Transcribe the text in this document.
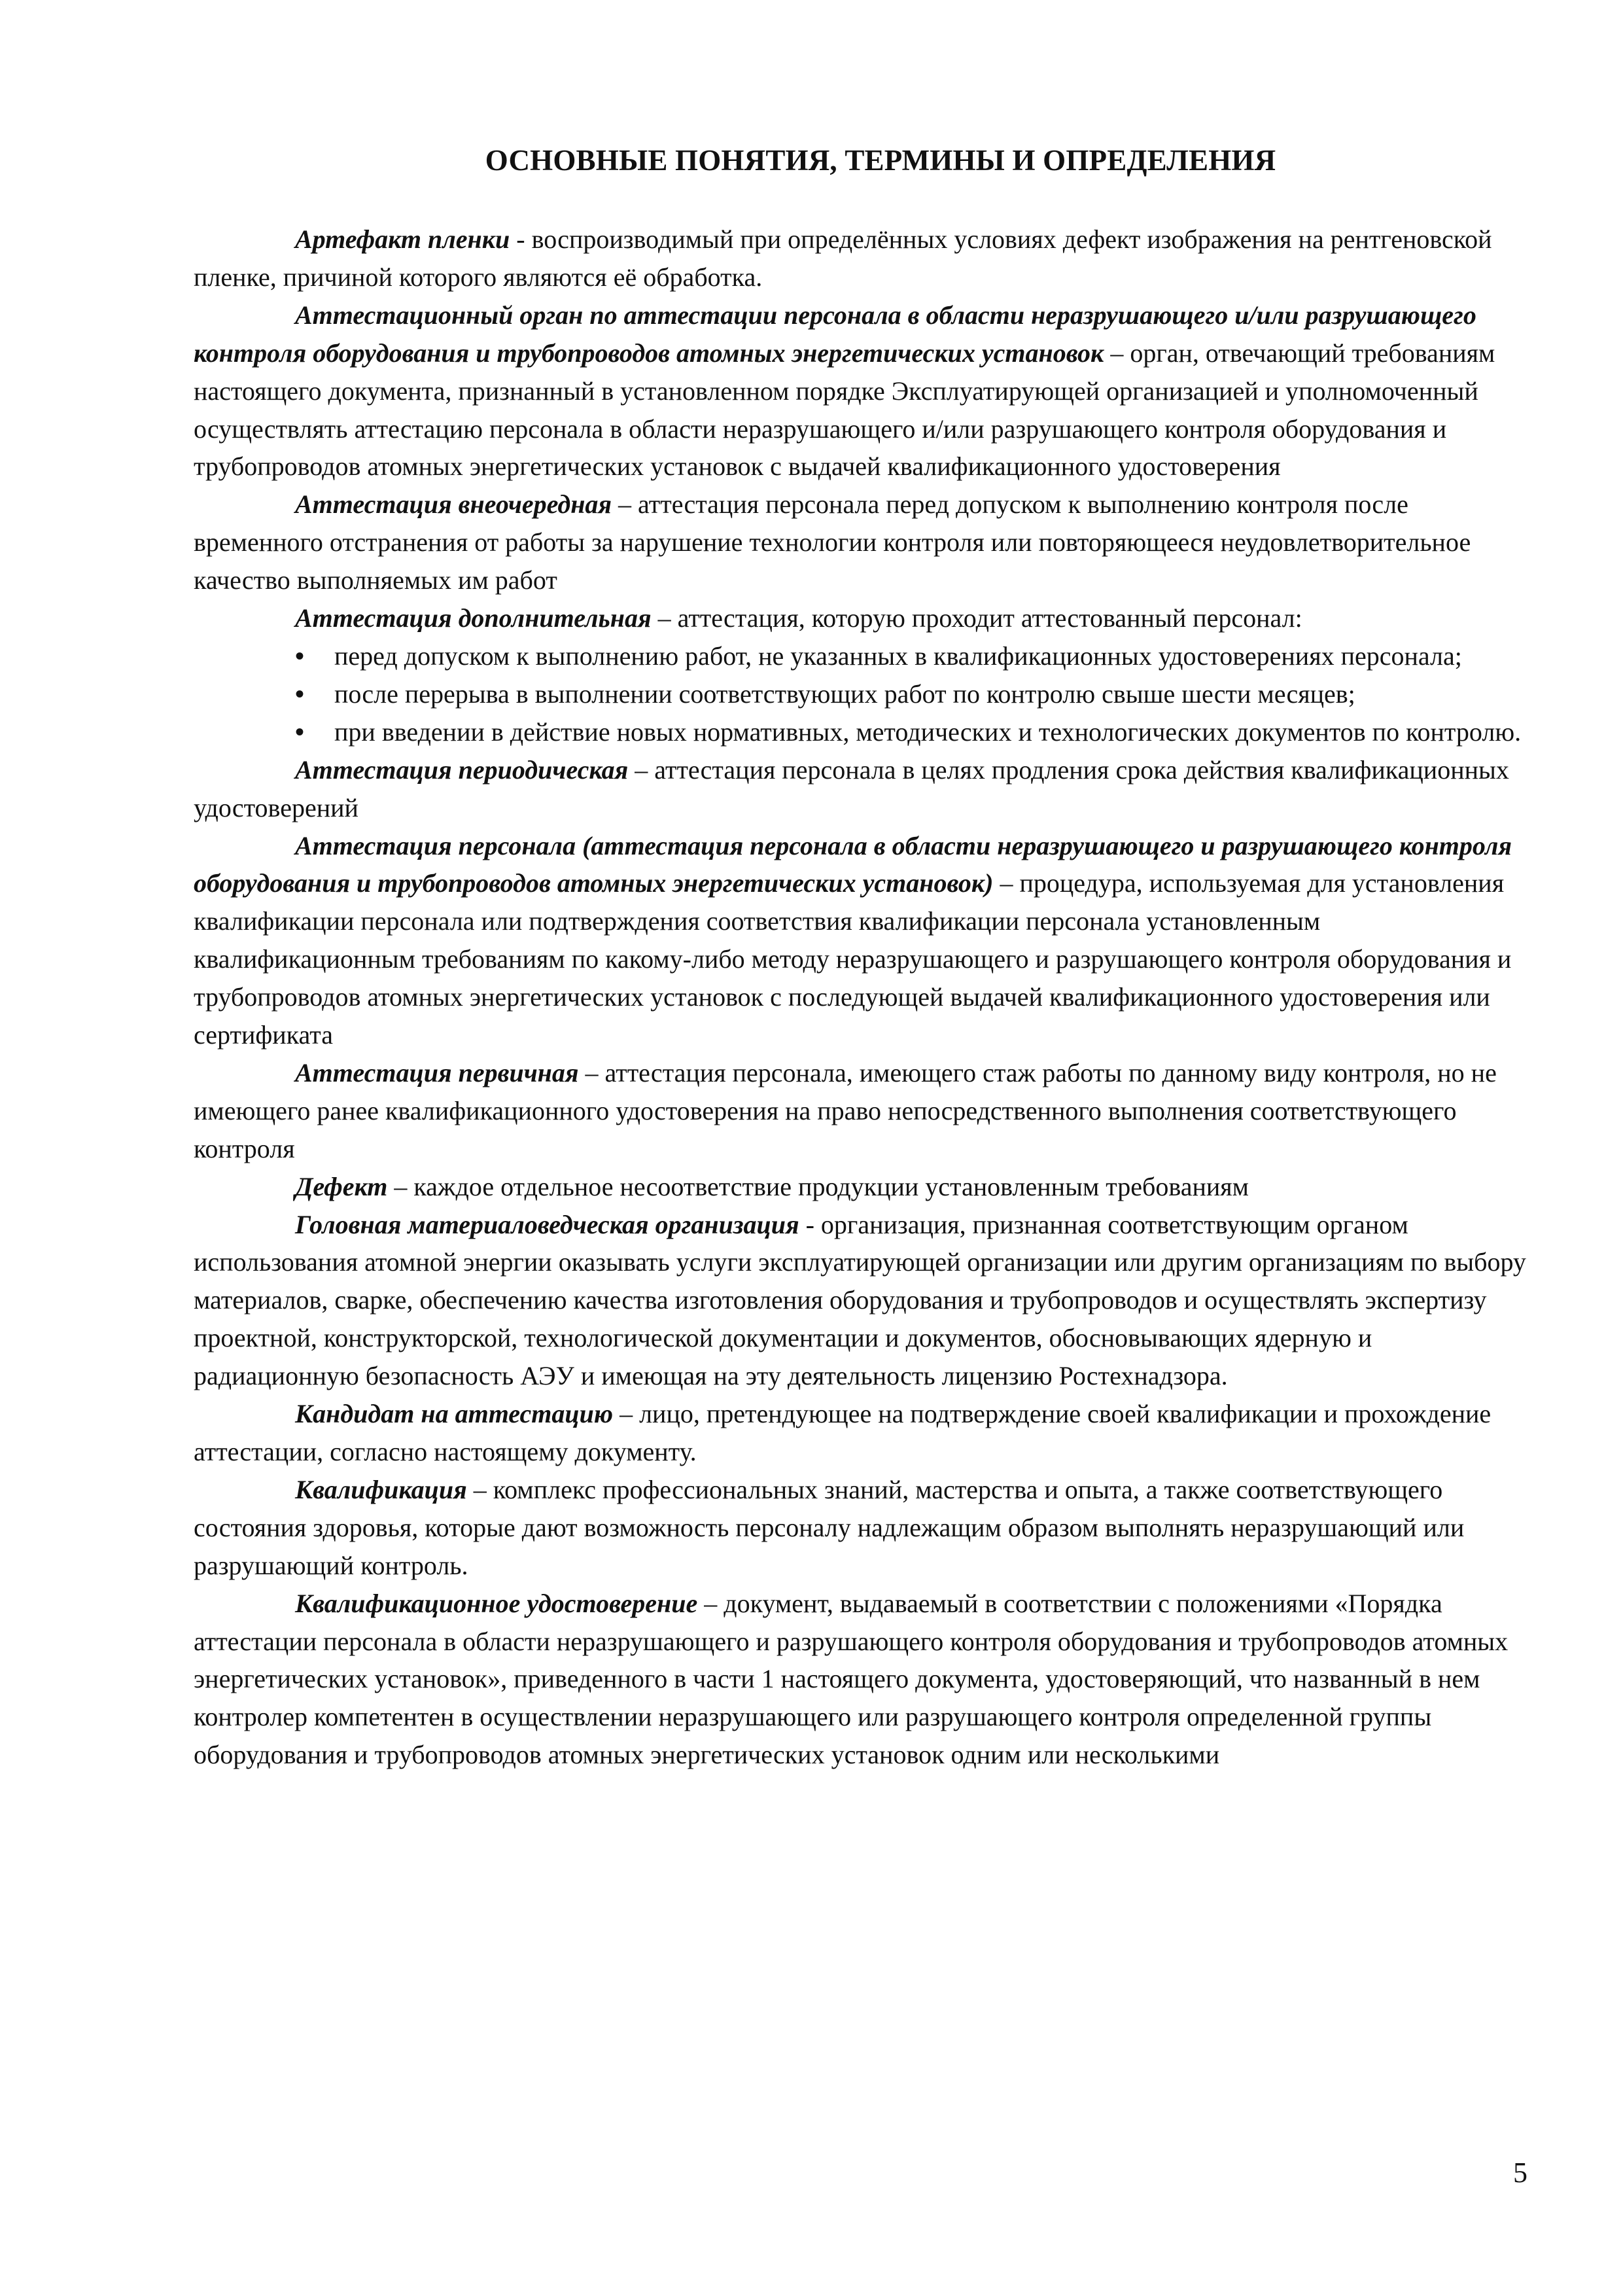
ОСНОВНЫЕ ПОНЯТИЯ, ТЕРМИНЫ И ОПРЕДЕЛЕНИЯ

Артефакт пленки - воспроизводимый при определённых условиях дефект изображения на рентгеновской пленке, причиной которого являются её обработка.

Аттестационный орган по аттестации персонала в области неразрушающего и/или разрушающего контроля оборудования и трубопроводов атомных энергетических установок – орган, отвечающий требованиям настоящего документа, признанный в установленном порядке Эксплуатирующей организацией и уполномоченный осуществлять аттестацию персонала в области неразрушающего и/или разрушающего контроля оборудования и трубопроводов атомных энергетических установок с выдачей квалификационного удостоверения

Аттестация внеочередная – аттестация персонала перед допуском к выполнению контроля после временного отстранения от работы за нарушение технологии контроля или повторяющееся неудовлетворительное качество выполняемых им работ

Аттестация дополнительная – аттестация, которую проходит аттестованный персонал:

• перед допуском к выполнению работ, не указанных в квалификационных удостоверениях персонала;

• после перерыва в выполнении соответствующих работ по контролю свыше шести месяцев;

• при введении в действие новых нормативных, методических и технологических документов по контролю.

Аттестация периодическая – аттестация персонала в целях продления срока действия квалификационных удостоверений

Аттестация персонала (аттестация персонала в области неразрушающего и разрушающего контроля оборудования и трубопроводов атомных энергетических установок) – процедура, используемая для установления квалификации персонала или подтверждения соответствия квалификации персонала установленным квалификационным требованиям по какому-либо методу неразрушающего и разрушающего контроля оборудования и трубопроводов атомных энергетических установок с последующей выдачей квалификационного удостоверения или сертификата

Аттестация первичная – аттестация персонала, имеющего стаж работы по данному виду контроля, но не имеющего ранее квалификационного удостоверения на право непосредственного выполнения соответствующего контроля

Дефект – каждое отдельное несоответствие продукции установленным требованиям

Головная материаловедческая организация - организация, признанная соответствующим органом использования атомной энергии оказывать услуги эксплуатирующей организации или другим организациям по выбору материалов, сварке, обеспечению качества изготовления оборудования и трубопроводов и осуществлять экспертизу проектной, конструкторской, технологической документации и документов, обосновывающих ядерную и радиационную безопасность АЭУ и имеющая на эту деятельность лицензию Ростехнадзора.

Кандидат на аттестацию – лицо, претендующее на подтверждение своей квалификации и прохождение аттестации, согласно настоящему документу.

Квалификация – комплекс профессиональных знаний, мастерства и опыта, а также соответствующего состояния здоровья, которые дают возможность персоналу надлежащим образом выполнять неразрушающий или разрушающий контроль.

Квалификационное удостоверение – документ, выдаваемый в соответствии с положениями «Порядка аттестации персонала в области неразрушающего и разрушающего контроля оборудования и трубопроводов атомных энергетических установок», приведенного в части 1 настоящего документа, удостоверяющий, что названный в нем контролер компетентен в осуществлении неразрушающего или разрушающего контроля определенной группы оборудования и трубопроводов атомных энергетических установок одним или несколькими

5
